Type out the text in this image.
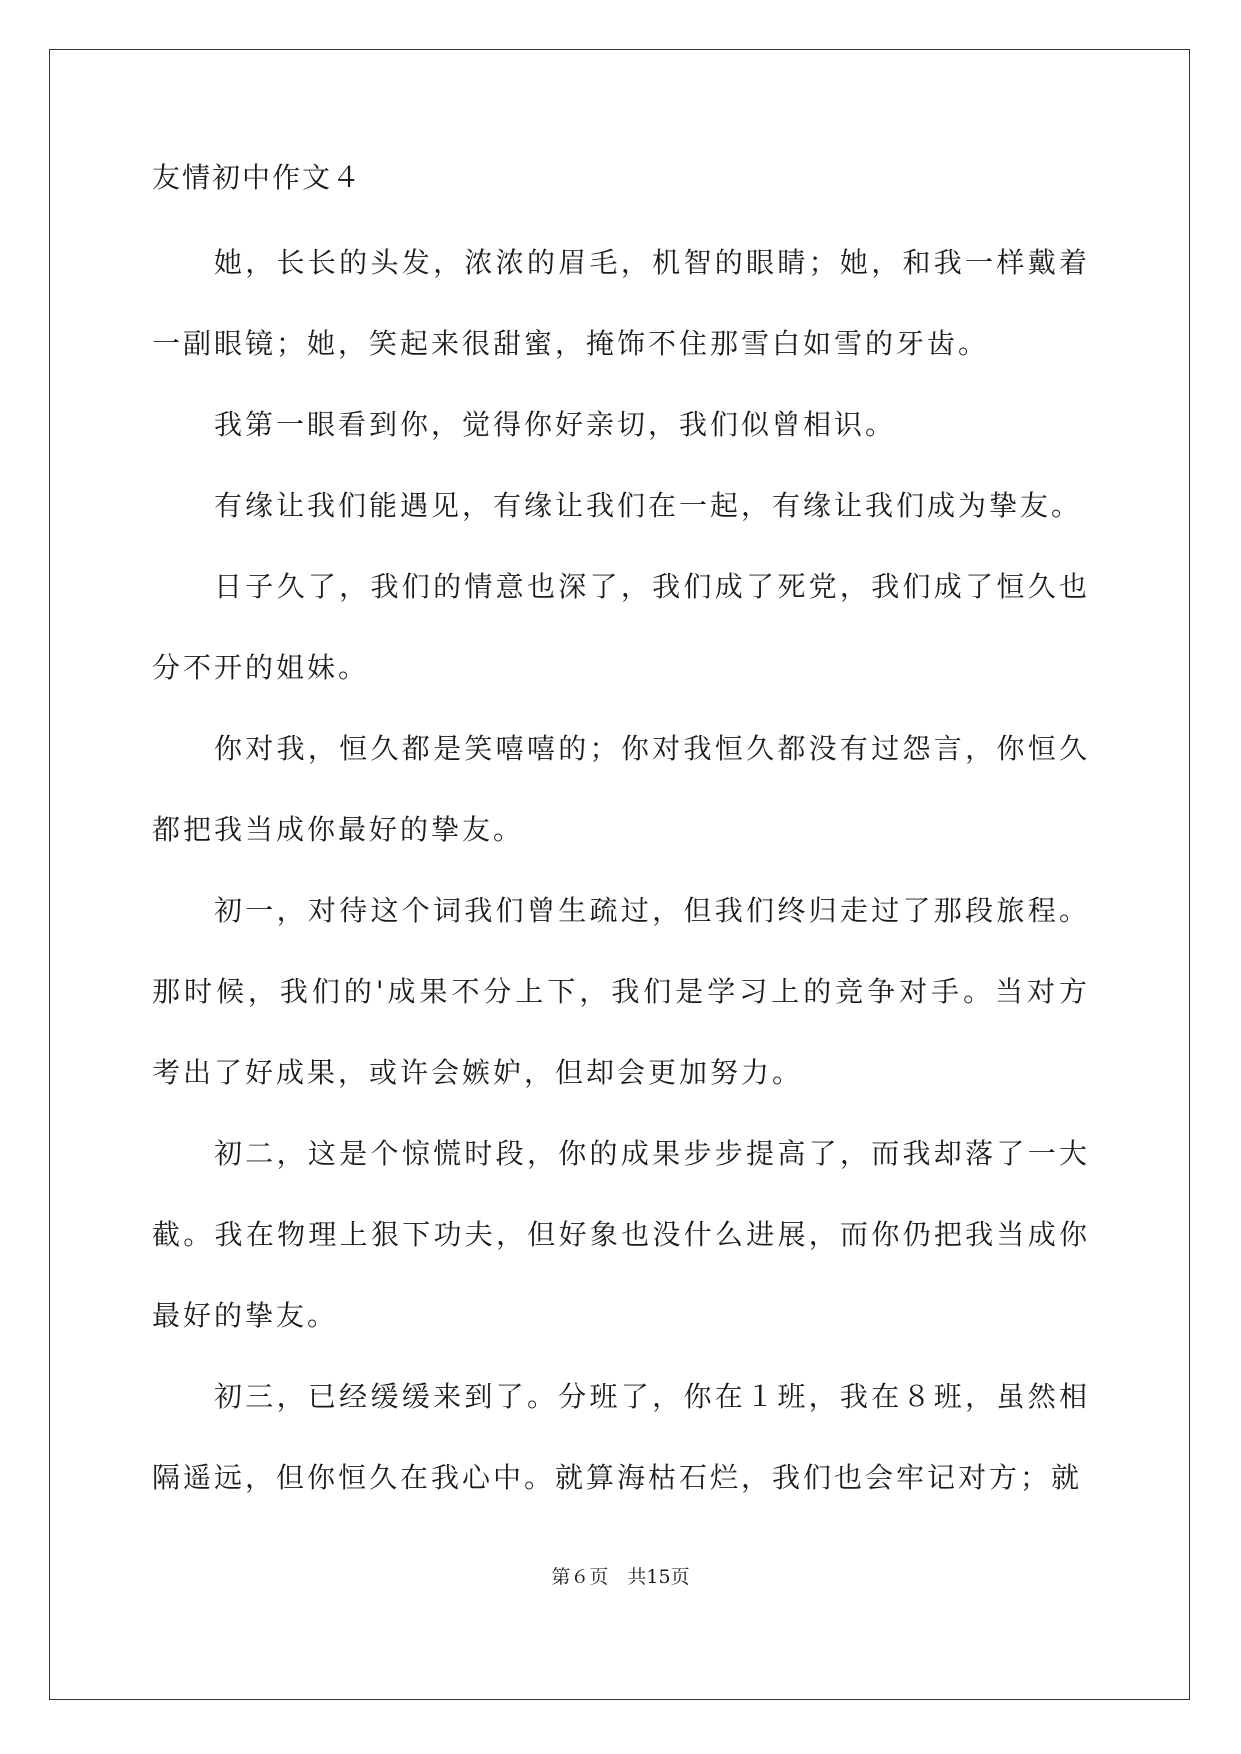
友情初中作文４

她，长长的头发，浓浓的眉毛，机智的眼睛；她，和我一样戴着一副眼镜；她，笑起来很甜蜜，掩饰不住那雪白如雪的牙齿。

我第一眼看到你，觉得你好亲切，我们似曾相识。

有缘让我们能遇见，有缘让我们在一起，有缘让我们成为挚友。

日子久了，我们的情意也深了，我们成了死党，我们成了恒久也分不开的姐妹。

你对我，恒久都是笑嘻嘻的；你对我恒久都没有过怨言，你恒久都把我当成你最好的挚友。

初一，对待这个词我们曾生疏过，但我们终归走过了那段旅程。那时候，我们的'成果不分上下，我们是学习上的竞争对手。当对方考出了好成果，或许会嫉妒，但却会更加努力。

初二，这是个惊慌时段，你的成果步步提高了，而我却落了一大截。我在物理上狠下功夫，但好象也没什么进展，而你仍把我当成你最好的挚友。

初三，已经缓缓来到了。分班了，你在１班，我在８班，虽然相隔遥远，但你恒久在我心中。就算海枯石烂，我们也会牢记对方；就

第６页　共15页
